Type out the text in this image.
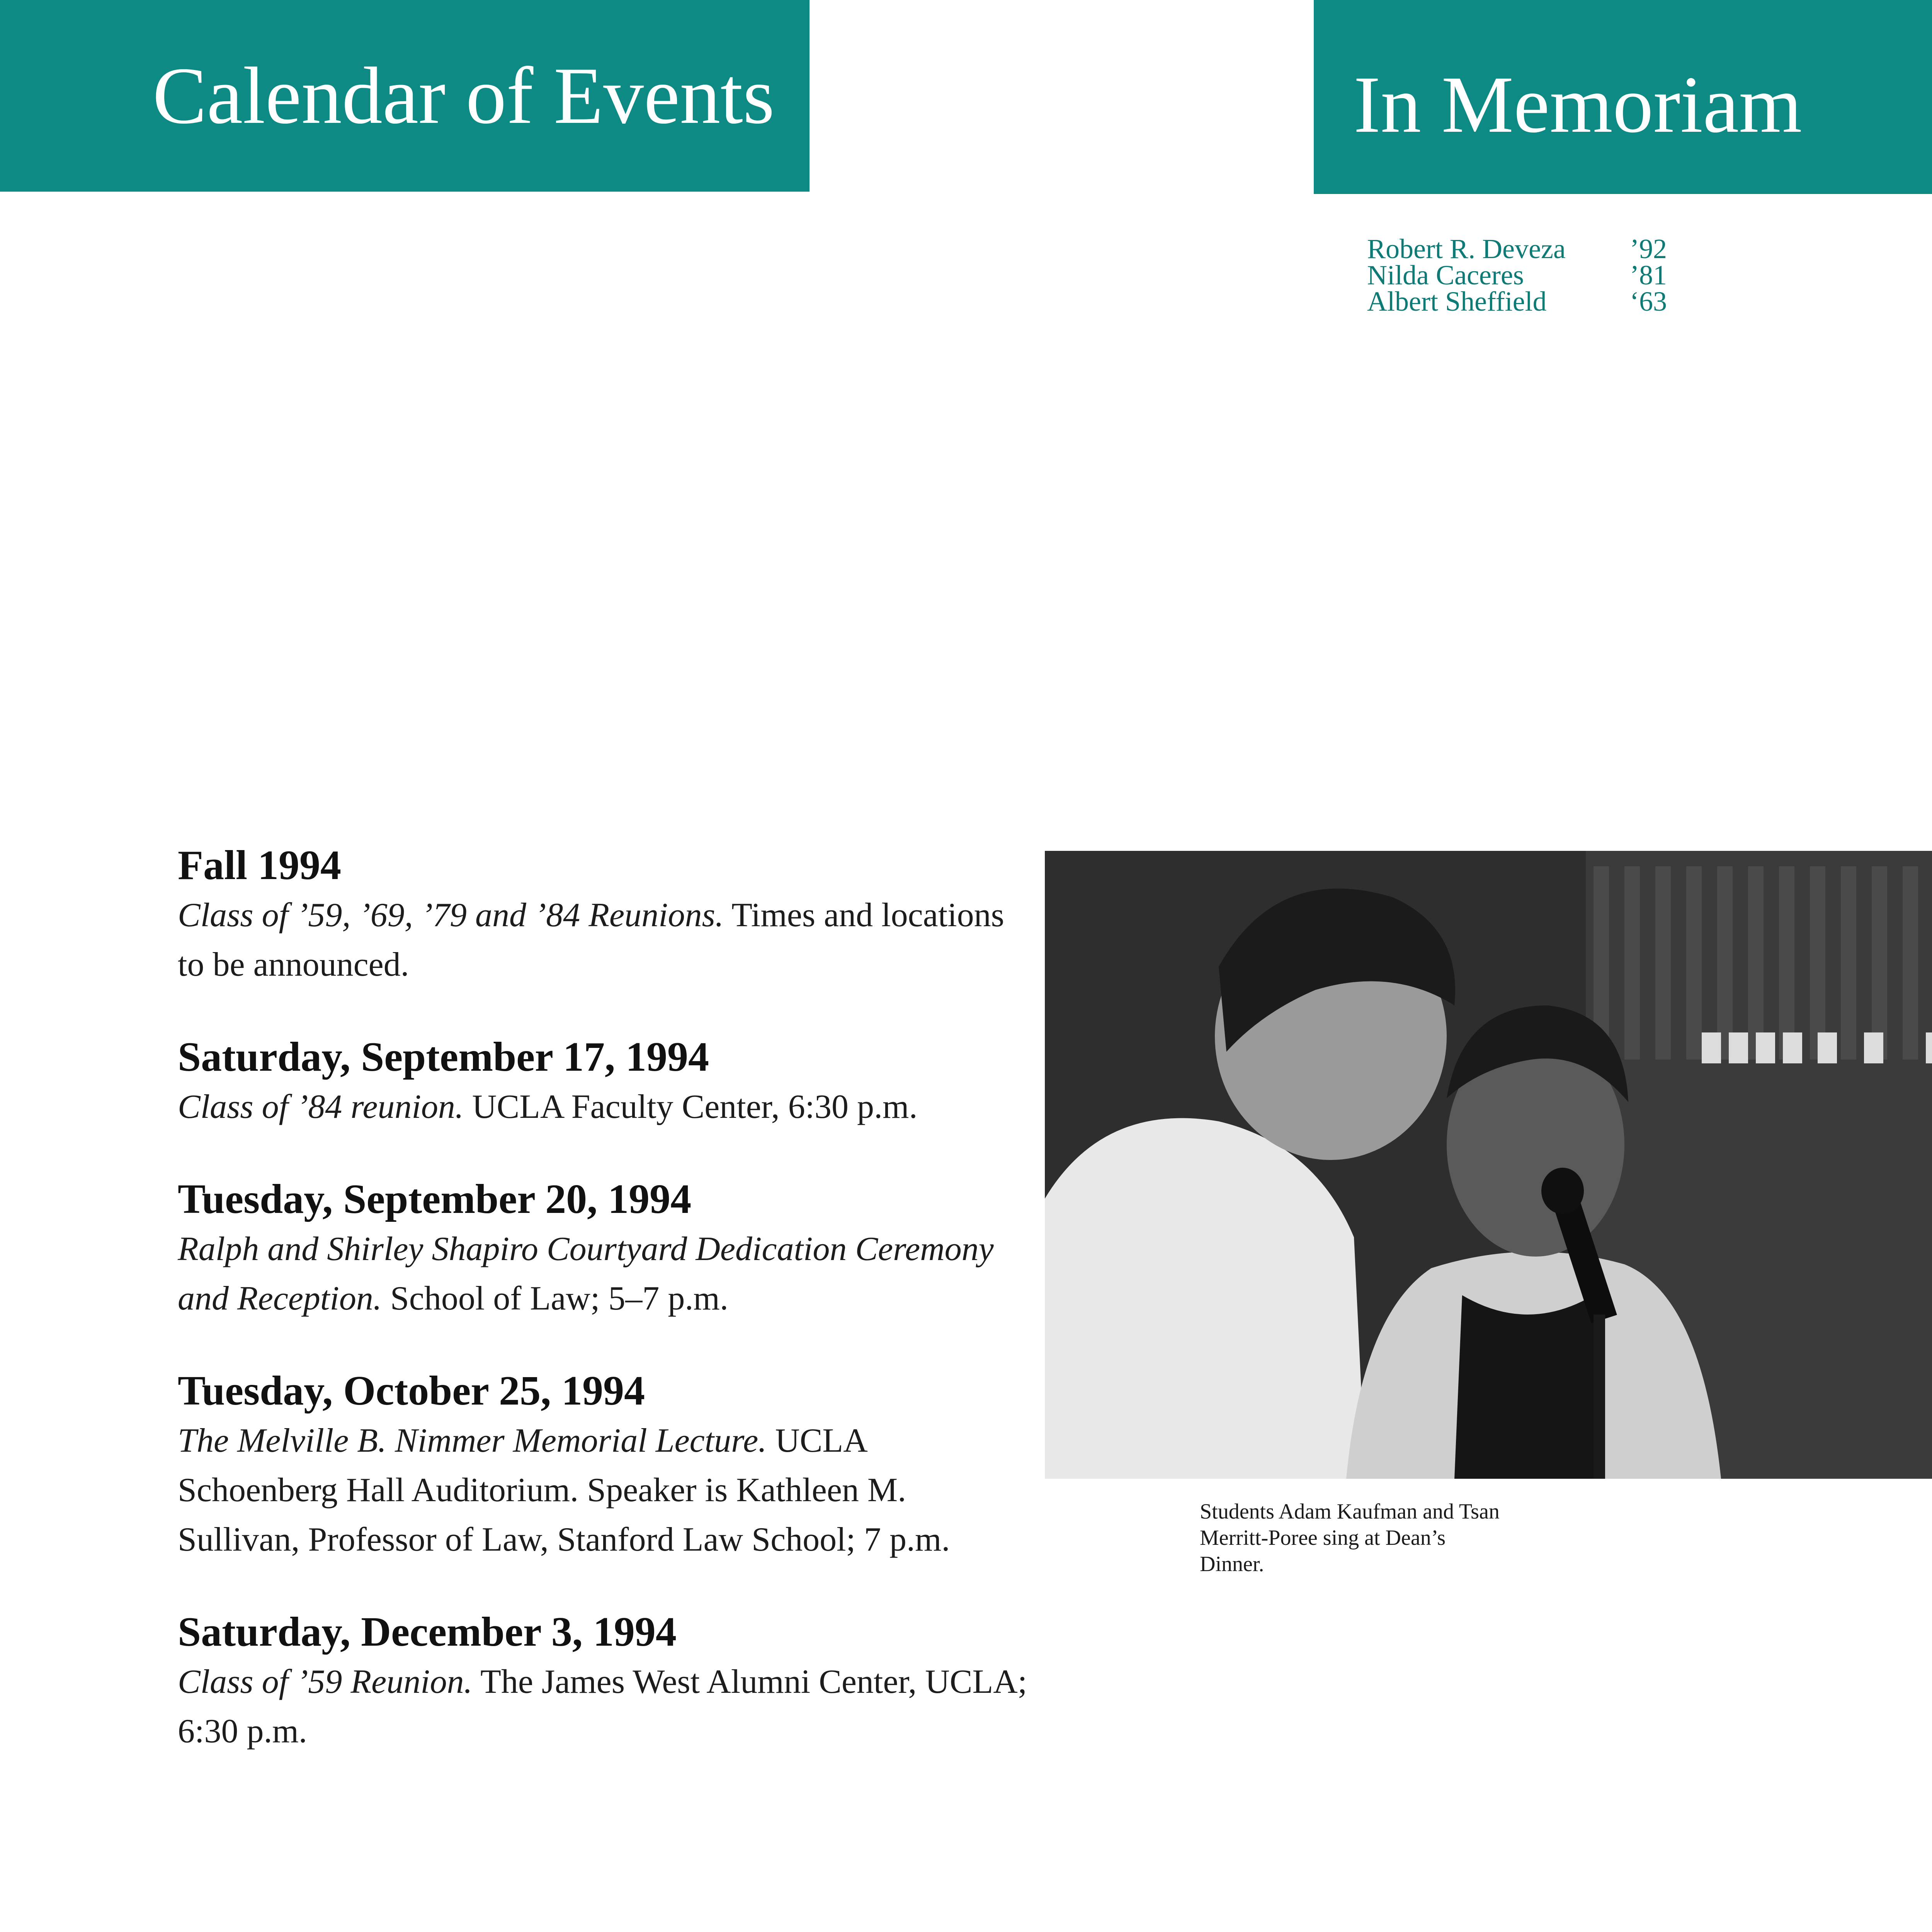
Calendar of Events	In Memoriam
Robert R. Deveza	’92
Nilda Caceres	’81
Albert Sheffield	‘63
Fall 1994
Class of ’59, ’69, ’79 and ’84 Reunions. Times and locations to be announced.
Saturday, September 17, 1994
Class of ’84 reunion. UCLA Faculty Center, 6:30 p.m.
Tuesday, September 20, 1994
Ralph and Shirley Shapiro Courtyard Dedication Ceremony and Reception. School of Law; 5–7 p.m.
Tuesday, October 25, 1994
The Melville B. Nimmer Memorial Lecture. UCLA Schoenberg Hall Auditorium. Speaker is Kathleen M. Sullivan, Professor of Law, Stanford Law School; 7 p.m.
Saturday, December 3, 1994
Class of ’59 Reunion. The James West Alumni Center, UCLA; 6:30 p.m.
Students Adam Kaufman and Tsan Merritt-Poree sing at Dean’s Dinner.
